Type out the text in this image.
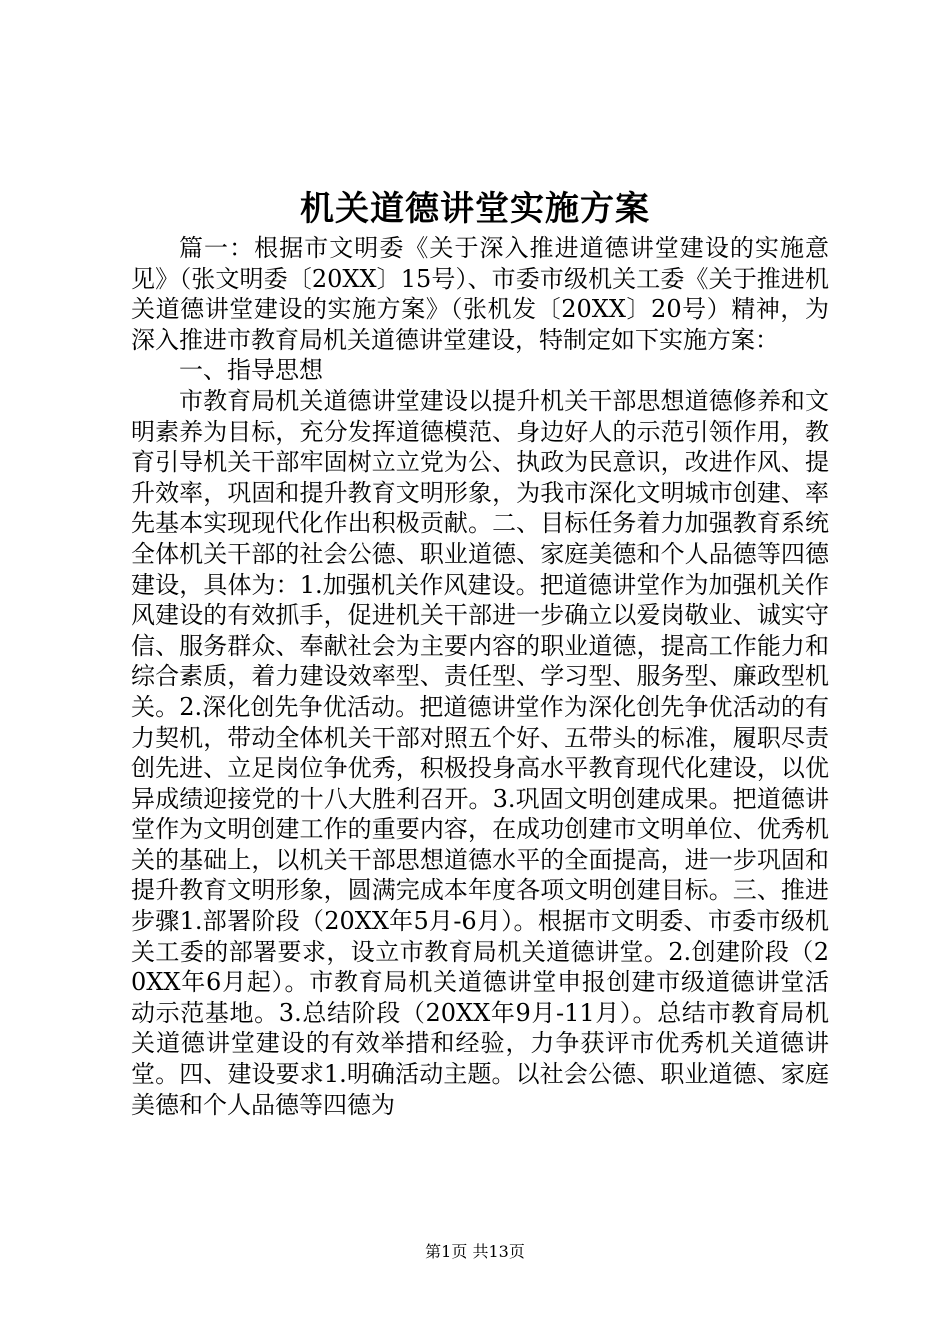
机关道德讲堂实施方案

篇一：根据市文明委《关于深入推进道德讲堂建设的实施意见》（张文明委〔20XX〕15号）、市委市级机关工委《关于推进机关道德讲堂建设的实施方案》（张机发〔20XX〕20号）精神，为深入推进市教育局机关道德讲堂建设，特制定如下实施方案：

一、指导思想

市教育局机关道德讲堂建设以提升机关干部思想道德修养和文明素养为目标，充分发挥道德模范、身边好人的示范引领作用，教育引导机关干部牢固树立立党为公、执政为民意识，改进作风、提升效率，巩固和提升教育文明形象，为我市深化文明城市创建、率先基本实现现代化作出积极贡献。二、目标任务着力加强教育系统全体机关干部的社会公德、职业道德、家庭美德和个人品德等四德建设，具体为：1.加强机关作风建设。把道德讲堂作为加强机关作风建设的有效抓手，促进机关干部进一步确立以爱岗敬业、诚实守信、服务群众、奉献社会为主要内容的职业道德，提高工作能力和综合素质，着力建设效率型、责任型、学习型、服务型、廉政型机关。2.深化创先争优活动。把道德讲堂作为深化创先争优活动的有力契机，带动全体机关干部对照五个好、五带头的标准，履职尽责创先进、立足岗位争优秀，积极投身高水平教育现代化建设，以优异成绩迎接党的十八大胜利召开。3.巩固文明创建成果。把道德讲堂作为文明创建工作的重要内容，在成功创建市文明单位、优秀机关的基础上，以机关干部思想道德水平的全面提高，进一步巩固和提升教育文明形象，圆满完成本年度各项文明创建目标。三、推进步骤1.部署阶段（20XX年5月-6月）。根据市文明委、市委市级机关工委的部署要求，设立市教育局机关道德讲堂。2.创建阶段（20XX年6月起）。市教育局机关道德讲堂申报创建市级道德讲堂活动示范基地。3.总结阶段（20XX年9月-11月）。总结市教育局机关道德讲堂建设的有效举措和经验，力争获评市优秀机关道德讲堂。四、建设要求1.明确活动主题。以社会公德、职业道德、家庭美德和个人品德等四德为

第1页 共13页
